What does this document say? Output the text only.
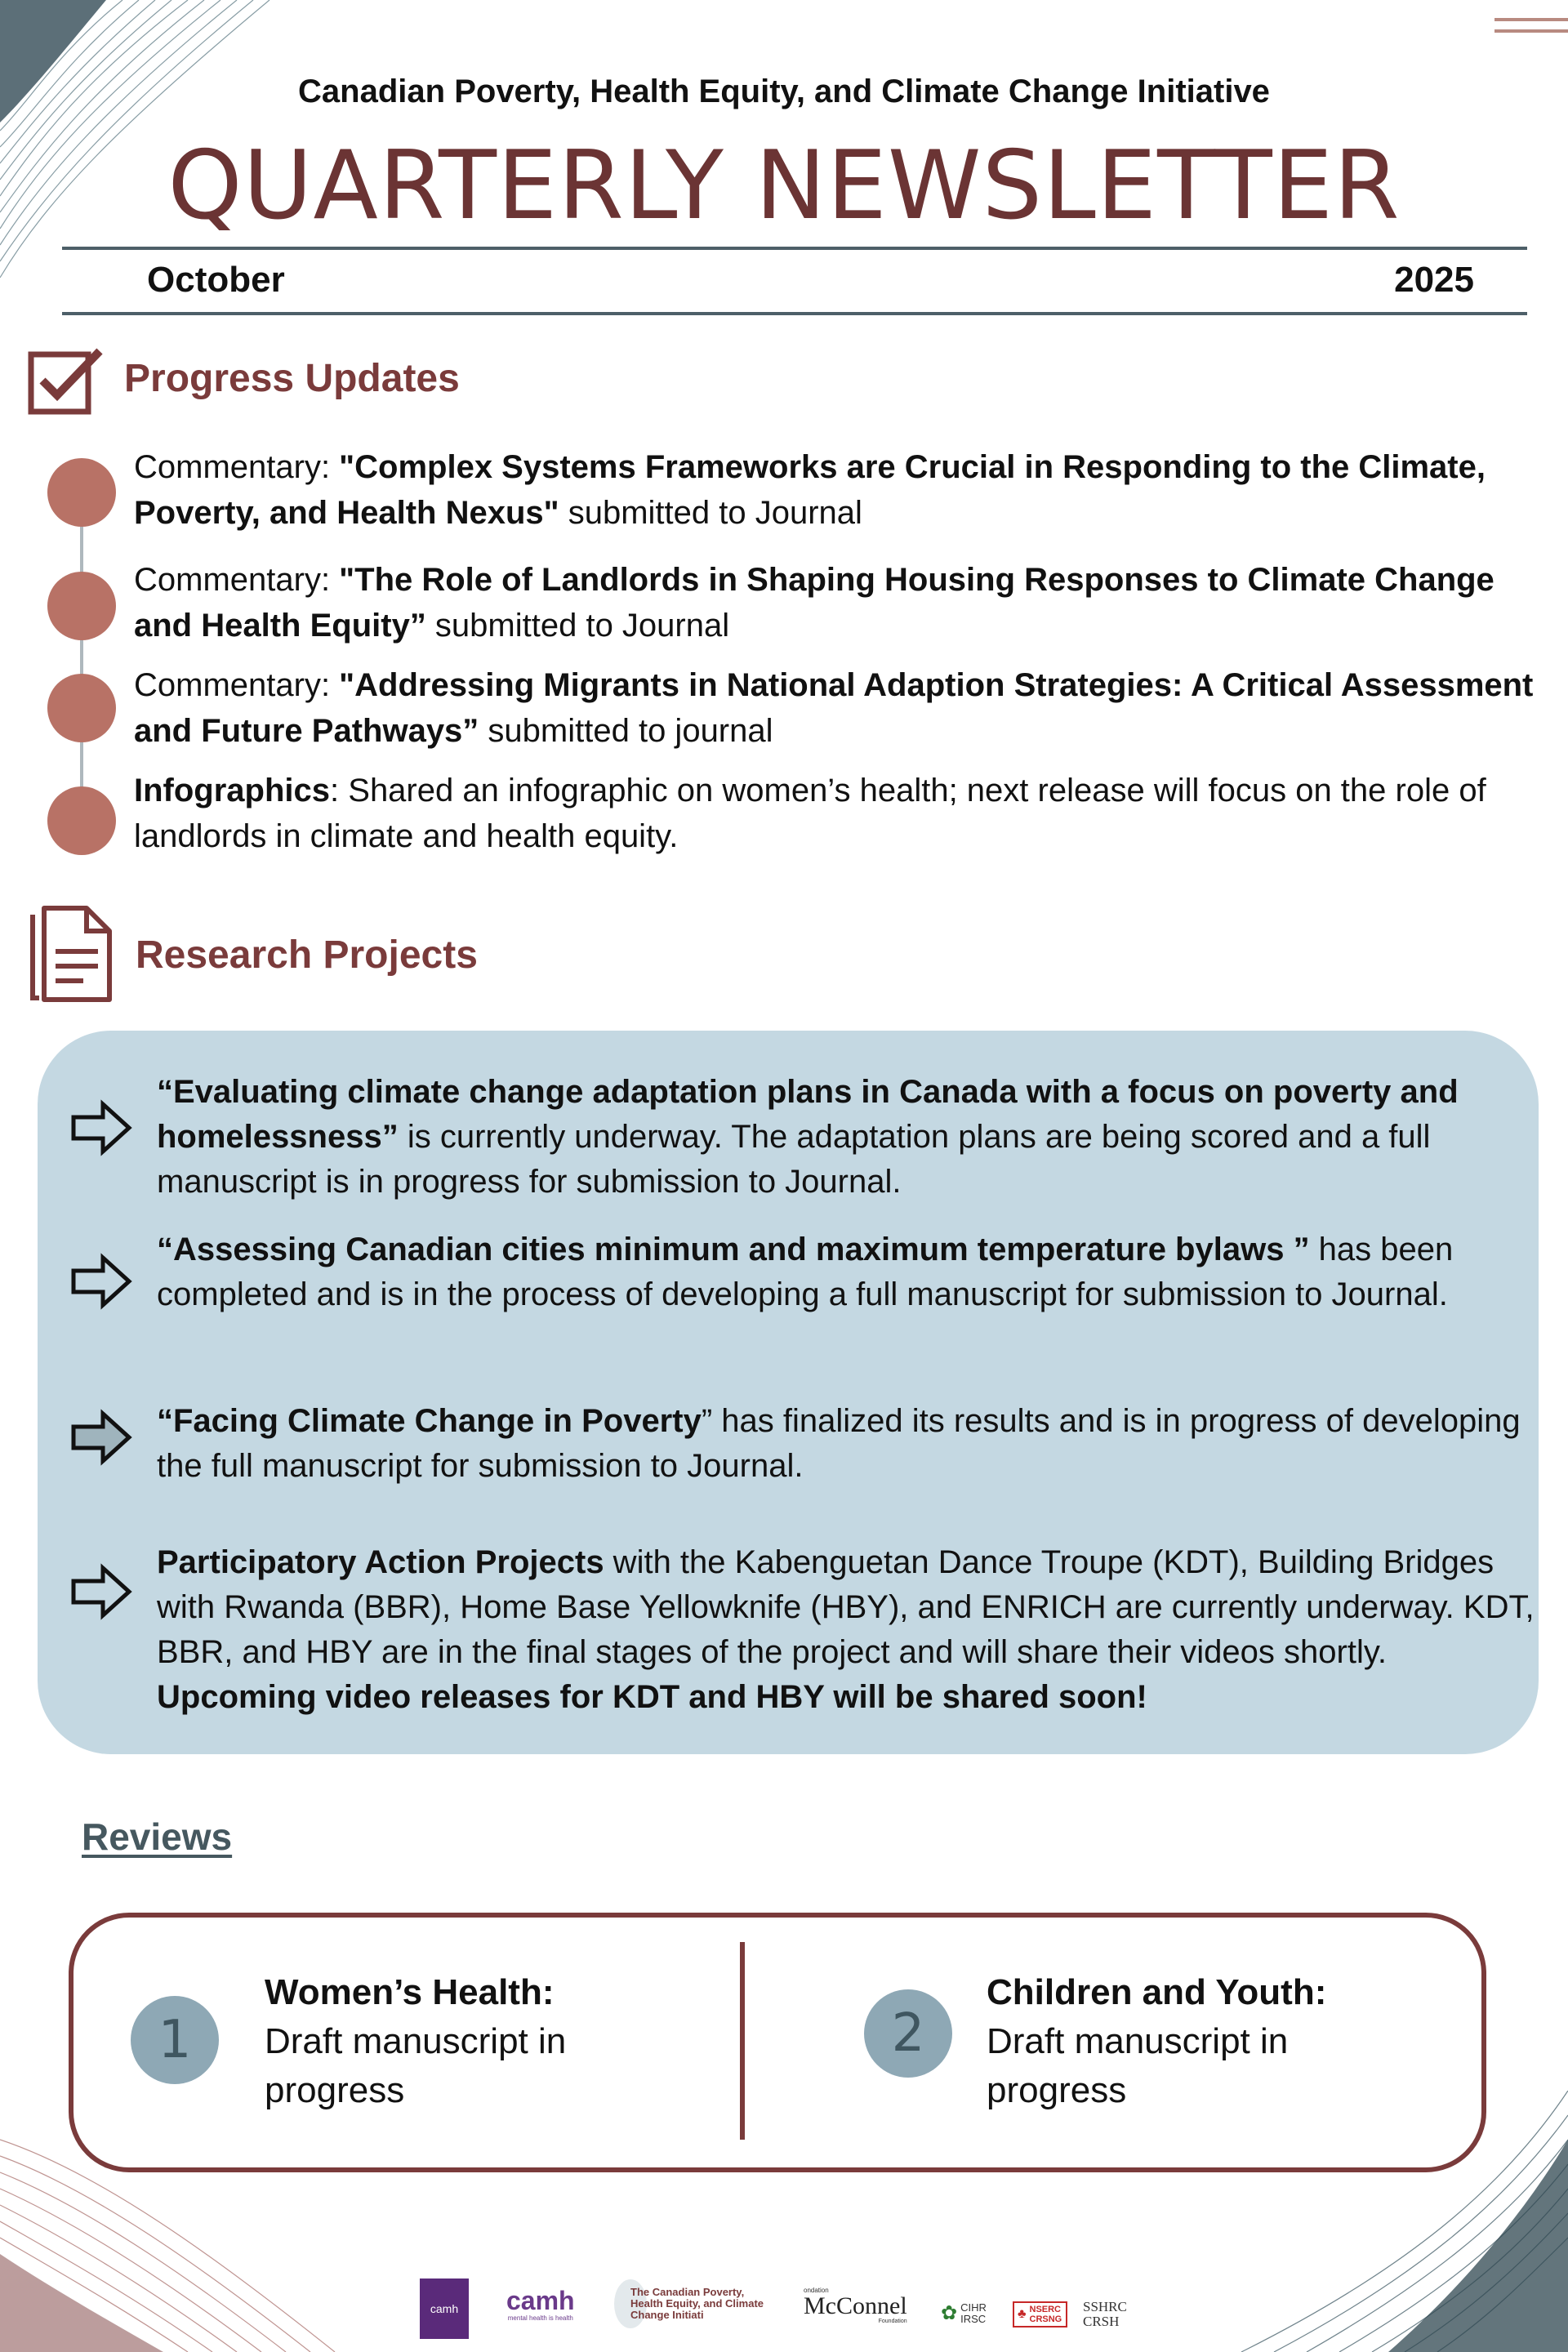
Canadian Poverty, Health Equity, and Climate Change Initiative
QUARTERLY NEWSLETTER
October	2025
Progress Updates
Commentary: "Complex Systems Frameworks are Crucial in Responding to the Climate, Poverty, and Health Nexus" submitted to Journal
Commentary: "The Role of Landlords in Shaping Housing Responses to Climate Change and Health Equity” submitted to Journal
Commentary: "Addressing Migrants in National Adaption Strategies: A Critical Assessment and Future Pathways” submitted to journal
Infographics: Shared an infographic on women’s health; next release will focus on the role of landlords in climate and health equity.
Research Projects
“Evaluating climate change adaptation plans in Canada with a focus on poverty and homelessness” is currently underway. The adaptation plans are being scored and a full manuscript is in progress for submission to Journal.
“Assessing Canadian cities minimum and maximum temperature bylaws ” has been completed and is in the process of developing a full manuscript for submission to Journal.
“Facing Climate Change in Poverty” has finalized its results and is in progress of developing the full manuscript for submission to Journal.
Participatory Action Projects with the Kabenguetan Dance Troupe (KDT), Building Bridges with Rwanda (BBR), Home Base Yellowknife (HBY), and ENRICH are currently underway. KDT, BBR, and HBY are in the final stages of the project and will share their videos shortly. Upcoming video releases for KDT and HBY will be shared soon!
Reviews
1
Women’s Health:
Draft manuscript in progress
2
Children and Youth:
Draft manuscript in progress
camh	camh
mental health is health
The Canadian Poverty, Health Equity, and Climate Change Initiati
ondation
McConnel
Foundation ✿ CIHR IRSC	♣ NSERC CRSNG
SSHRC CRSH
